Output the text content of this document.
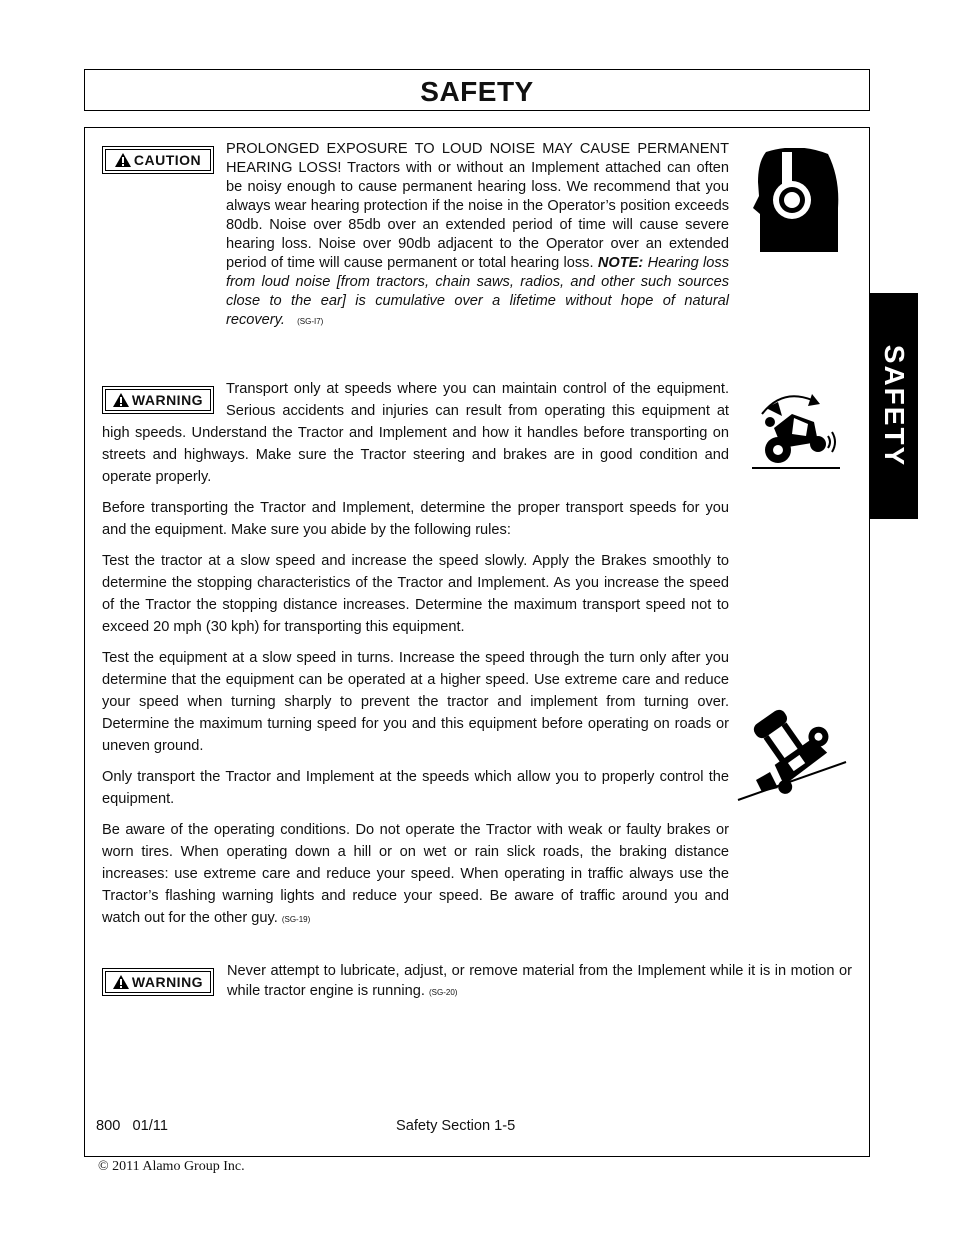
SAFETY
SAFETY
CAUTION

PROLONGED EXPOSURE TO LOUD NOISE MAY CAUSE PERMANENT HEARING LOSS! Tractors with or without an Implement attached can often be noisy enough to cause permanent hearing loss. We recommend that you always wear hearing protection if the noise in the Operator’s position exceeds 80db. Noise over 85db over an extended period of time will cause severe hearing loss. Noise over 90db adjacent to the Operator over an extended period of time will cause permanent or total hearing loss. NOTE: Hearing loss from loud noise [from tractors, chain saws, radios, and other such sources close to the ear] is cumulative over a lifetime without hope of natural recovery. (SG-I7)

WARNING

Transport only at speeds where you can maintain control of the equipment. Serious accidents and injuries can result from operating this equipment at high speeds. Understand the Tractor and Implement and how it handles before transporting on streets and highways. Make sure the Tractor steering and brakes are in good condition and operate properly.

Before transporting the Tractor and Implement, determine the proper transport speeds for you and the equipment. Make sure you abide by the following rules:

Test the tractor at a slow speed and increase the speed slowly. Apply the Brakes smoothly to determine the stopping characteristics of the Tractor and Implement. As you increase the speed of the Tractor the stopping distance increases. Determine the maximum transport speed not to exceed 20 mph (30 kph) for transporting this equipment.

Test the equipment at a slow speed in turns. Increase the speed through the turn only after you determine that the equipment can be operated at a higher speed. Use extreme care and reduce your speed when turning sharply to prevent the tractor and implement from turning over. Determine the maximum turning speed for you and this equipment before operating on roads or uneven ground.

Only transport the Tractor and Implement at the speeds which allow you to properly control the equipment.

Be aware of the operating conditions. Do not operate the Tractor with weak or faulty brakes or worn tires. When operating down a hill or on wet or rain slick roads, the braking distance increases: use extreme care and reduce your speed. When operating in traffic always use the Tractor’s flashing warning lights and reduce your speed. Be aware of traffic around you and watch out for the other guy. (SG-19)

WARNING

Never attempt to lubricate, adjust, or remove material from the Implement while it is in motion or while tractor engine is running. (SG-20)

800   01/11	Safety Section 1-5
© 2011 Alamo Group Inc.
